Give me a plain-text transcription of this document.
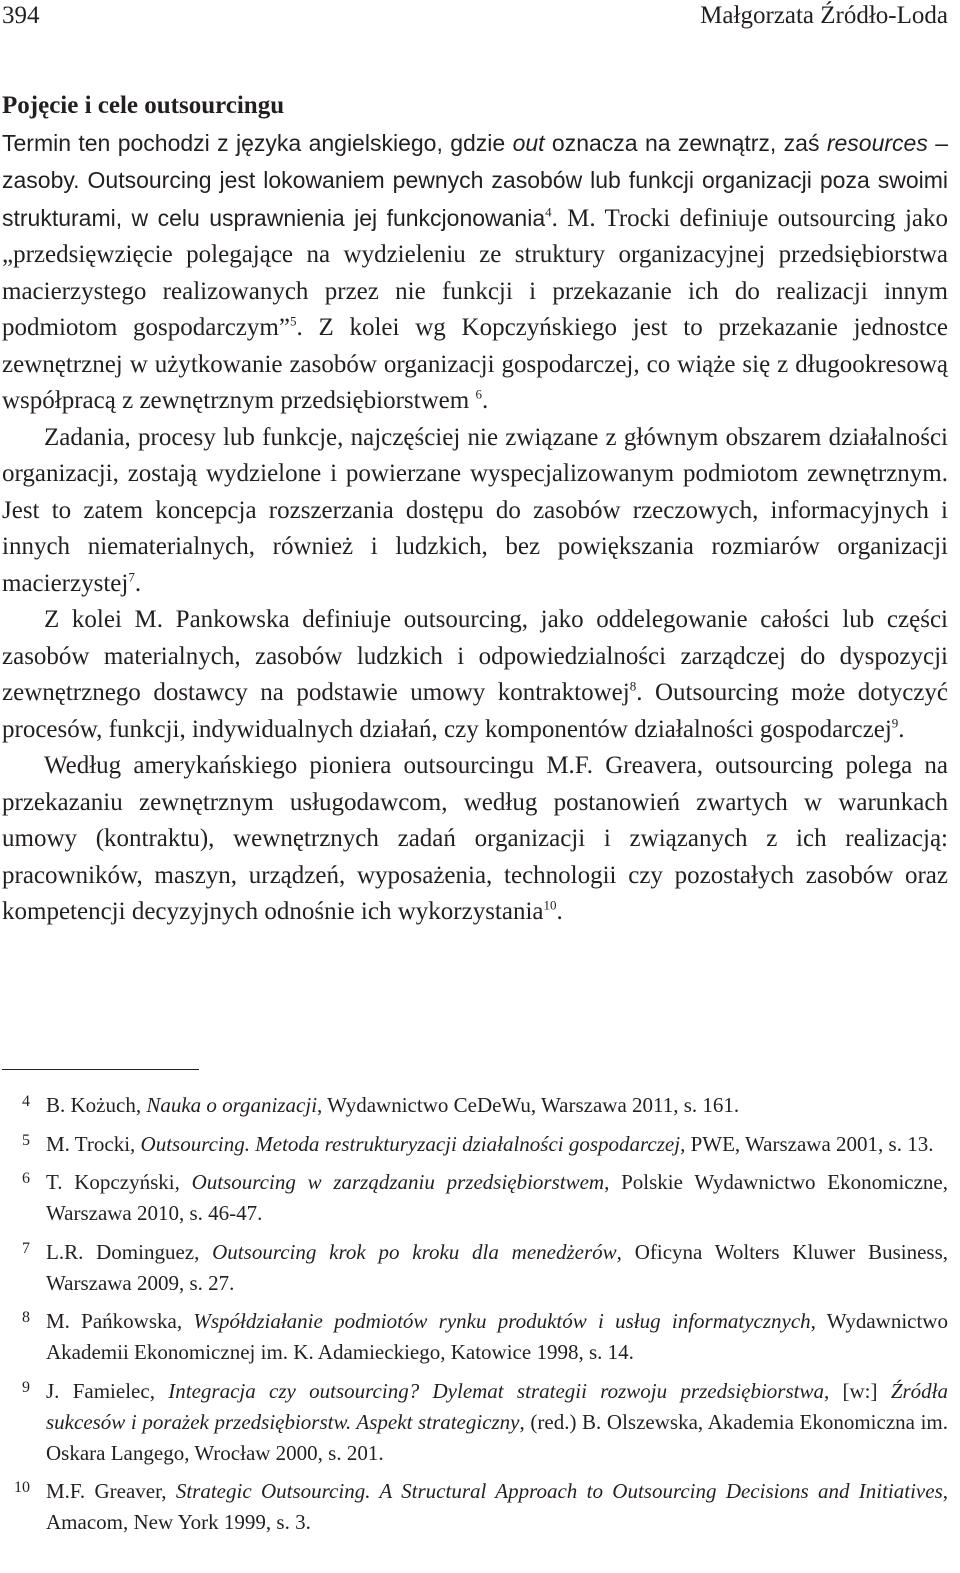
394	Małgorzata Źródło-Loda

Pojęcie i cele outsourcingu

Termin ten pochodzi z języka angielskiego, gdzie out oznacza na zewnątrz, zaś resources – zasoby. Outsourcing jest lokowaniem pewnych zasobów lub funkcji organizacji poza swoimi strukturami, w celu usprawnienia jej funkcjonowania$^4$. M. Trocki definiuje outsourcing jako „przedsięwzięcie polegające na wydzieleniu ze struktury organizacyjnej przedsiębiorstwa macierzystego realizowanych przez nie funkcji i przekazanie ich do realizacji innym podmiotom gospodarczym”$^5$. Z kolei wg Kopczyńskiego jest to przekazanie jednostce zewnętrznej w użytkowanie zasobów organizacji gospodarczej, co wiąże się z długookresową współpracą z zewnętrznym przedsiębiorstwem $^6$.

Zadania, procesy lub funkcje, najczęściej nie związane z głównym obszarem działalności organizacji, zostają wydzielone i powierzane wyspecjalizowanym podmiotom zewnętrznym. Jest to zatem koncepcja rozszerzania dostępu do zasobów rzeczowych, informacyjnych i innych niematerialnych, również i ludzkich, bez powiększania rozmiarów organizacji macierzystej$^7$.

Z kolei M. Pankowska definiuje outsourcing, jako oddelegowanie całości lub części zasobów materialnych, zasobów ludzkich i odpowiedzialności zarządczej do dyspozycji zewnętrznego dostawcy na podstawie umowy kontraktowej$^8$. Outsourcing może dotyczyć procesów, funkcji, indywidualnych działań, czy komponentów działalności gospodarczej$^9$.

Według amerykańskiego pioniera outsourcingu M.F. Greavera, outsourcing polega na przekazaniu zewnętrznym usługodawcom, według postanowień zwartych w warunkach umowy (kontraktu), wewnętrznych zadań organizacji i związanych z ich realizacją: pracowników, maszyn, urządzeń, wyposażenia, technologii czy pozostałych zasobów oraz kompetencji decyzyjnych odnośnie ich wykorzystania$^{10}$.

4 B. Kożuch, Nauka o organizacji, Wydawnictwo CeDeWu, Warszawa 2011, s. 161.

5 M. Trocki, Outsourcing. Metoda restrukturyzacji działalności gospodarczej, PWE, Warszawa 2001, s. 13.

6 T. Kopczyński, Outsourcing w zarządzaniu przedsiębiorstwem, Polskie Wydawnictwo Ekonomiczne, Warszawa 2010, s. 46-47.

7 L.R. Dominguez, Outsourcing krok po kroku dla menedżerów, Oficyna Wolters Kluwer Business, Warszawa 2009, s. 27.

8 M. Pańkowska, Współdziałanie podmiotów rynku produktów i usług informatycznych, Wydawnictwo Akademii Ekonomicznej im. K. Adamieckiego, Katowice 1998, s. 14.

9 J. Famielec, Integracja czy outsourcing? Dylemat strategii rozwoju przedsiębiorstwa, [w:] Źródła sukcesów i porażek przedsiębiorstw. Aspekt strategiczny, (red.) B. Olszewska, Akademia Ekonomiczna im. Oskara Langego, Wrocław 2000, s. 201.

10 M.F. Greaver, Strategic Outsourcing. A Structural Approach to Outsourcing Decisions and Initiatives, Amacom, New York 1999, s. 3.
